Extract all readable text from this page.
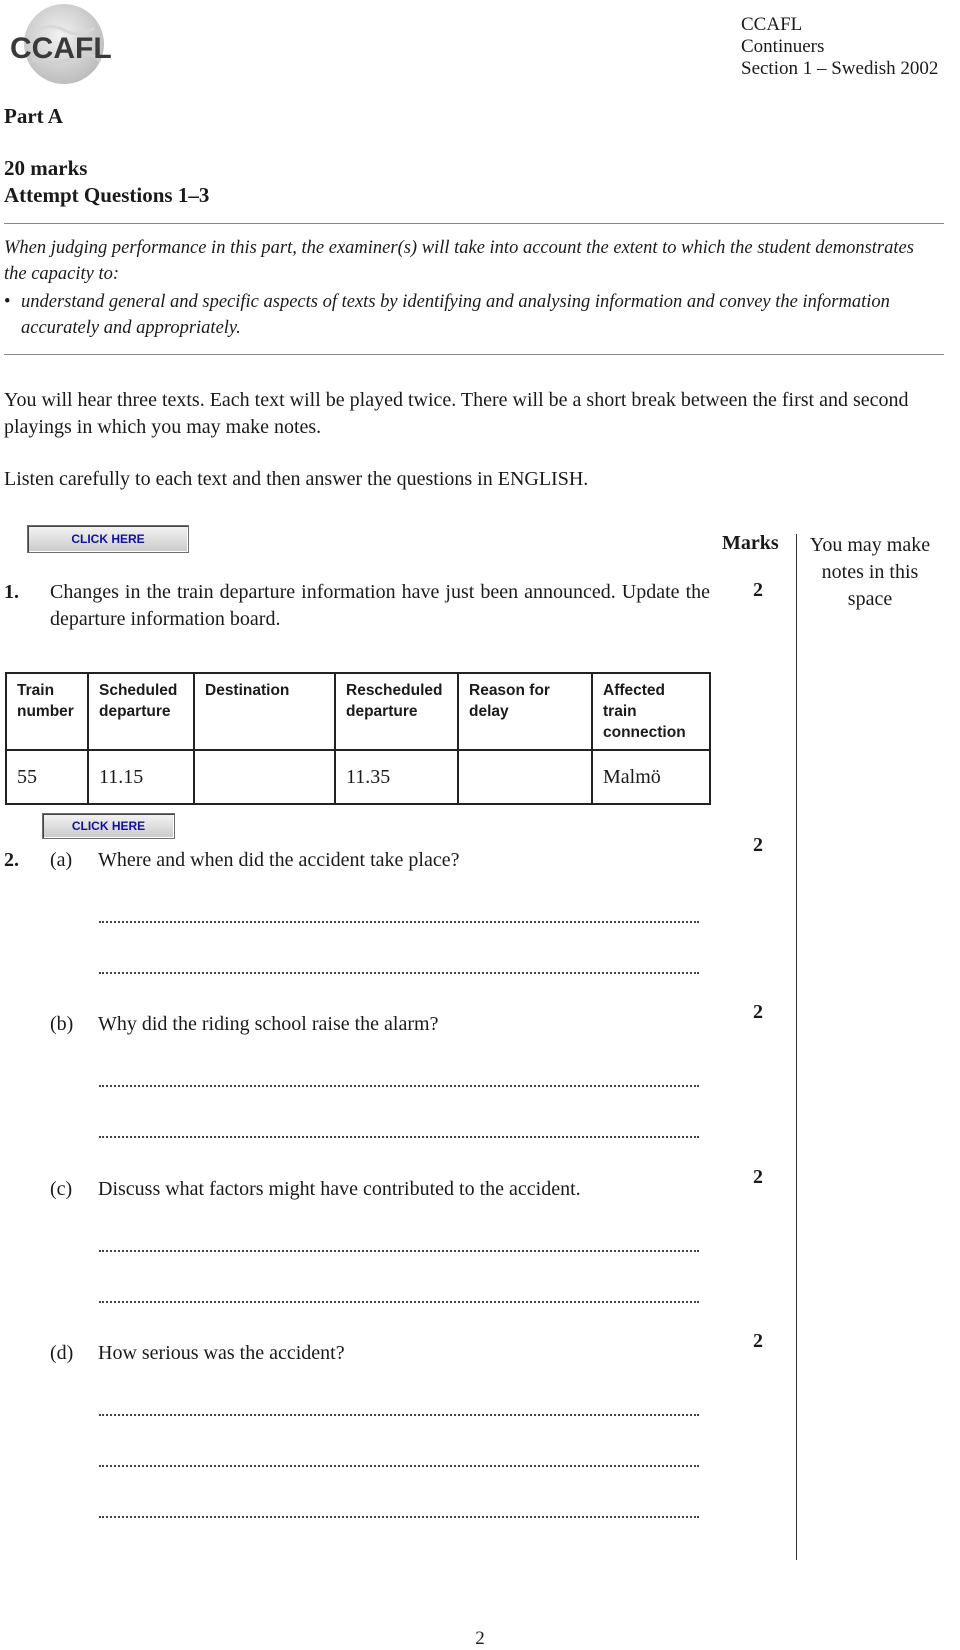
CCAFL
CCAFL
Continuers
Section 1 – Swedish 2002
Part A
20 marks
Attempt Questions 1–3
When judging performance in this part, the examiner(s) will take into account the extent to which the student demonstrates the capacity to:
• understand general and specific aspects of texts by identifying and analysing information and convey the information accurately and appropriately.
You will hear three texts. Each text will be played twice. There will be a short break between the first and second playings in which you may make notes.
Listen carefully to each text and then answer the questions in ENGLISH.
CLICK HERE	Marks	You may make notes in this space
1. Changes in the train departure information have just been announced. Update the departure information board.
2
Train number	Scheduled departure	Destination	Rescheduled departure	Reason for delay	Affected train connection
55	11.15		11.35		Malmö
CLICK HERE
2. (a) Where and when did the accident take place?
2
(b) Why did the riding school raise the alarm?
2
(c) Discuss what factors might have contributed to the accident.
2
(d) How serious was the accident?
2
2
